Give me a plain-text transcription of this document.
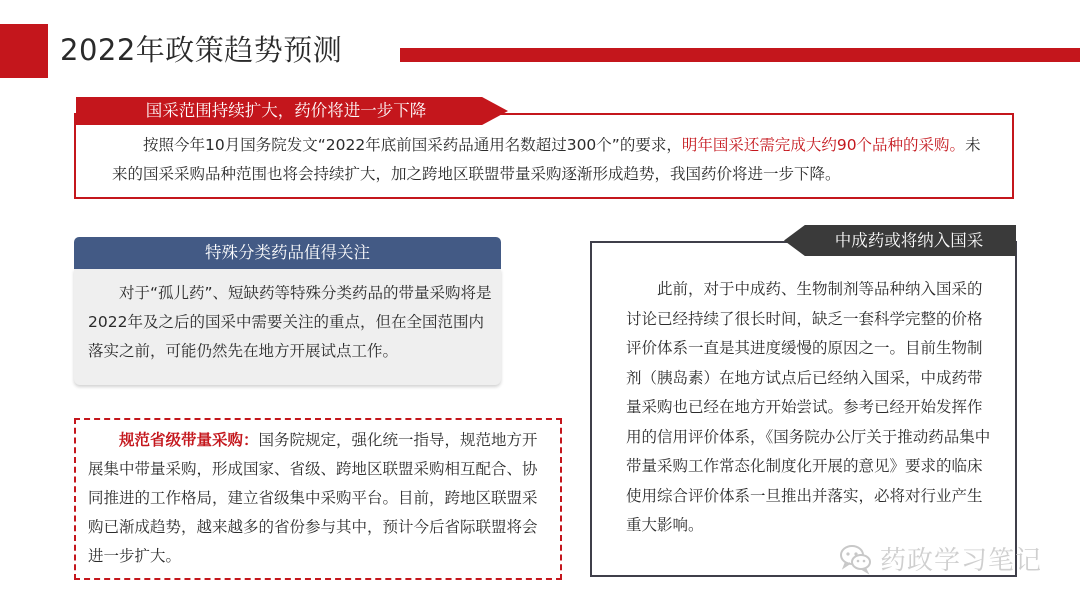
2022年政策趋势预测
国采范围持续扩大，药价将进一步下降
按照今年10月国务院发文“2022年底前国采药品通用名数超过300个”的要求，明年国采还需完成大约90个品种的采购。未来的国采采购品种范围也将会持续扩大，加之跨地区联盟带量采购逐渐形成趋势，我国药价将进一步下降。
特殊分类药品值得关注
对于“孤儿药”、短缺药等特殊分类药品的带量采购将是2022年及之后的国采中需要关注的重点，但在全国范围内落实之前，可能仍然先在地方开展试点工作。
规范省级带量采购：国务院规定，强化统一指导，规范地方开展集中带量采购，形成国家、省级、跨地区联盟采购相互配合、协同推进的工作格局，建立省级集中采购平台。目前，跨地区联盟采购已渐成趋势，越来越多的省份参与其中，预计今后省际联盟将会进一步扩大。
中成药或将纳入国采
此前，对于中成药、生物制剂等品种纳入国采的讨论已经持续了很长时间，缺乏一套科学完整的价格评价体系一直是其进度缓慢的原因之一。目前生物制剂（胰岛素）在地方试点后已经纳入国采，中成药带量采购也已经在地方开始尝试。参考已经开始发挥作用的信用评价体系，《国务院办公厅关于推动药品集中带量采购工作常态化制度化开展的意见》要求的临床使用综合评价体系一旦推出并落实，必将对行业产生重大影响。
药政学习笔记
